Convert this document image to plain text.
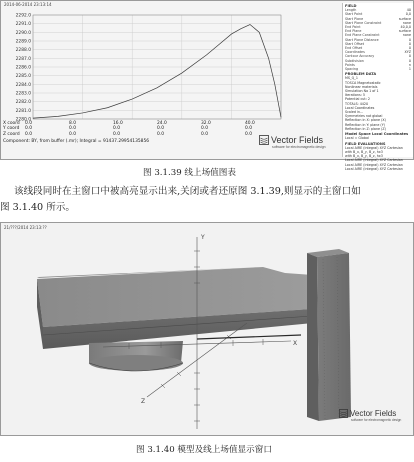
2014-06-2014 23:13:14
2292.0
2291.0
2290.0
2289.0
2288.0
2287.0
2286.0
2285.0
2284.0
2283.0
2282.0
2281.0
2280.0
X coord	0.0	8.0	16.0	24.0	32.0	40.0
Y coord	0.0	0.0	0.0	0.0	0.0	0.0
Z coord	0.0	0.0	0.0	0.0	0.0	0.0
Component: BY, from buffer (.mr); Integral = 91437.29954135856	Vector Fields
software for electromagnetic design
FIELD
Length	40
Start Point	0,0
Start Plane	surface
Start Plane Constraint	none
End Point	40,0,0
End Plane	surface
End Plane Constraint	none
Start Plane Distance	0
Start Offset	0
End Offset	0
Coordinates	XYZ
Contour Accuracy	0
Subdivision	0
Points	n
Spacing	1
PROBLEM DATA
MS_Q_1
TOSCA Magnetostatic
Nonlinear materials
Simulation No 1 of 1
Iterations: 5
Potential cut: 2
TOTALS: 4420
Local Coordinates
Scaled in...
Symmetries not global
Reflection in X: plane (X)
Reflection in Y: plane (Y)
Reflection in Z: plane (Z)
Model Space Local Coordinates
Local = Global
FIELD EVALUATIONS
Local AIRE (integral) XYZ Cartesian
with B_x, B_y, B_z, hx3
with B_x, B_y, B_z, hx3
Local AIRE (integral) XYZ Cartesian
Local AIRE (integral) XYZ Cartesian
Local AIRE (integral) XYZ Cartesian
图 3.1.39 线上场值图表
该线段同时在主窗口中被高亮显示出来,关闭或者还原图 3.1.39,则显示的主窗口如
图 3.1.40 所示。
21/???/2014 23:13:??
Y
X
Z
Vector Fields
software for electromagnetic design
图 3.1.40 模型及线上场值显示窗口
